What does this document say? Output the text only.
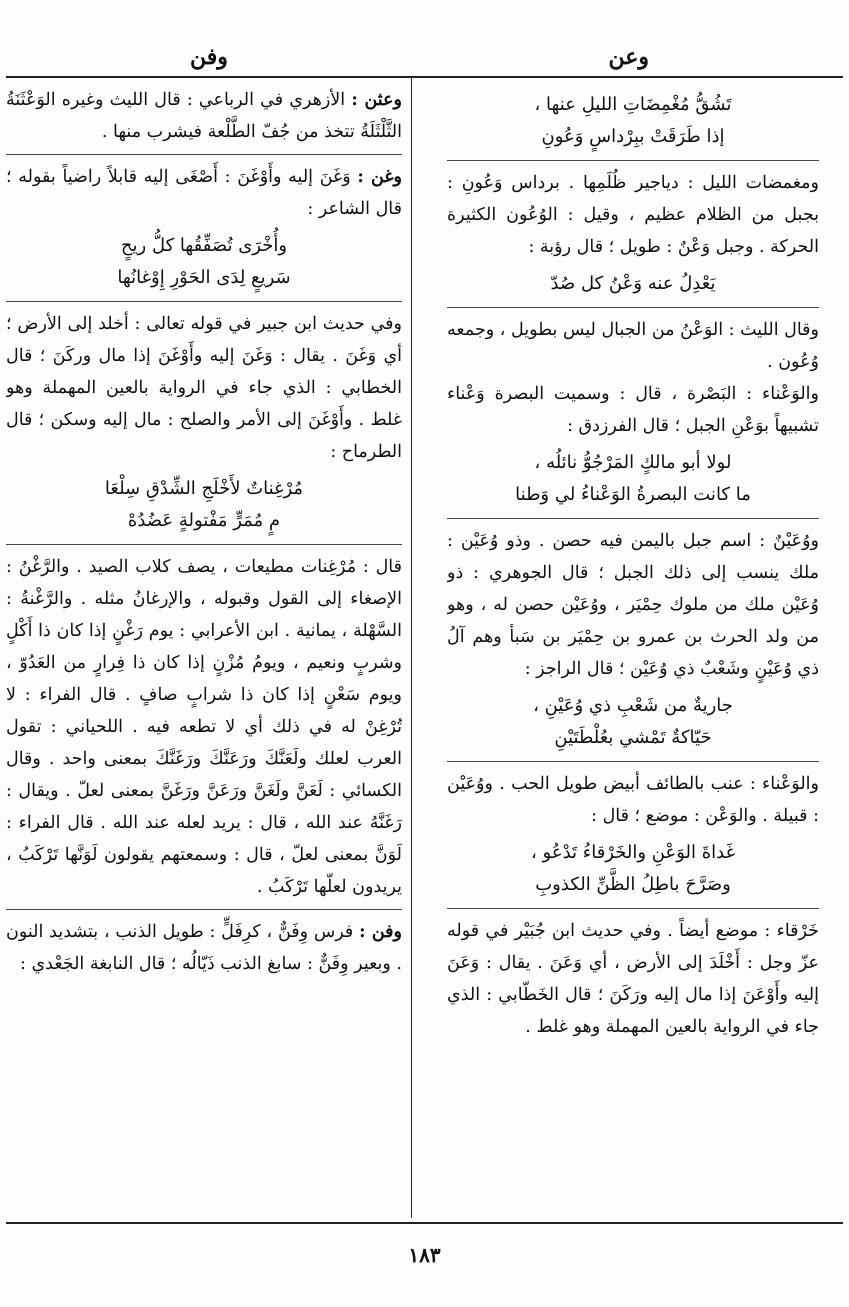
وعن
وفن
تَشُقُّ مُغْمِضَاتِ الليلِ عنها ،
إذا طَرَقَتْ ببِرْداسٍ وَعُونِ

ومغمضات الليل : دياجير ظُلَمِها . برداس وَعُونِ : بجبل من الظلام عظيم ، وقيل : الوُعُون الكثيرة الحركة . وجبل وَعْنٌ : طويل ؛ قال رؤبة :

يَعْدِلُ عنه وَعْنُ كل صُدّ

وقال الليث : الوَعْنُ من الجبال ليس بطويل ، وجمعه وُعُون .

والوَعْناء : البَصْرة ، قال : وسميت البصرة وَعْناء تشبيهاً بوَعْنِ الجبل ؛ قال الفرزدق :

لولا أبو مالكٍ المَرْجُوُّ نائلُه ،
ما كانت البصرةُ الوَعْناءُ لي وَطنا

ووُعَيْنٌ : اسم جبل باليمن فيه حصن . وذو وُعَيْن : ملك ينسب إلى ذلك الجبل ؛ قال الجوهري : ذو وُعَيْن ملك من ملوك حِمْيَر ، ووُعَيْن حصن له ، وهو من ولد الحرث بن عمرو بن حِمْيَر بن سَبأ وهم آلُ ذي وُعَيْنٍ وشَعْبٌ ذي وُعَيْن ؛ قال الراجز :

جاريةٌ من شَعْبِ ذي وُعَيْنِ ،
حَيّاكةٌ تَمْشي بعُلْطَتَيْنِ

والوَعْناء : عنب بالطائف أبيض طويل الحب . ووُعَيْن : قبيلة . والوَعْن : موضع ؛ قال :

غَداةَ الوَعْنِ والخَرْقاءُ تَدْعُو ،
وصَرَّحَ باطِلُ الظَّنِّ الكذوبِ

خَرْقاء : موضع أيضاً . وفي حديث ابن جُبَيْر في قوله عزّ وجل : أَخْلَدَ إلى الأرض ، أي وَعَنَ . يقال : وَعَنَ إليه وأَوْعَنَ إذا مال إليه ورَكَنَ ؛ قال الخَطّابي : الذي جاء في الرواية بالعين المهملة وهو غلط .

وعثن : الأزهري في الرباعي : قال الليث وغيره الوَعْثَنَةُ الثَّلْثَلَةُ تتخذ من جُفّ الطَّلْعة فيشرب منها .

وغن : وَغَنَ إليه وأَوْغَنَ : أَصْغَى إليه قابلاً راضياً بقوله ؛ قال الشاعر :

وأُخْرَى تُصَفِّقُها كلُّ ريحٍ
سَريعٍ لِدَى الحَوْرِ إِوْغانُها

وفي حديث ابن جبير في قوله تعالى : أخلد إلى الأرض ؛ أي وَغَنَ . يقال : وَغَنَ إليه وأَوْغَنَ إذا مال وركَنَ ؛ قال الخطابي : الذي جاء في الرواية بالعين المهملة وهو غلط . وأَوْغَنَ إلى الأمر والصلح : مال إليه وسكن ؛ قال الطرماح :

مُرْغِناتٌ لأَخْلَجِ الشِّدْقِ سِلْعَا
مٍ مُمَرٍّ مَفْتولةٍ عَضُدُهْ

قال : مُرْغِنات مطيعات ، يصف كلاب الصيد . والرَّغْنُ : الإصغاء إلى القول وقبوله ، والإرغانُ مثله . والرَّغْنةُ : السَّهْلة ، يمانية . ابن الأعرابي : يوم رَغْنٍ إذا كان ذا أَكْلٍ وشربٍ ونعيم ، ويومُ مُزْنٍ إذا كان ذا فِرارٍ من العَدُوّ ، ويوم سَعْنٍ إذا كان ذا شرابٍ صافٍ . قال الفراء : لا تُرْغِنْ له في ذلك أي لا تطعه فيه . اللحياني : تقول العرب لعلك ولَعَنَّكَ ورَعَنَّكَ ورَغَنَّكَ بمعنى واحد . وقال الكسائي : لَعَنَّ ولَغَنَّ ورَعَنَّ ورَغَنَّ بمعنى لعلّ . ويقال : رَغَنَّهُ عند الله ، قال : يريد لعله عند الله . قال الفراء : لَوَنَّ بمعنى لعلّ ، قال : وسمعتهم يقولون لَوَنَّها تَرْكَبُ ، يريدون لعلّها تَرْكَبُ .

وفن : فرس وِفَنٌّ ، كرِفَلٍّ : طويل الذنب ، بتشديد النون . وبعير وِفَنٌّ : سابغ الذنب ذَيّالُه ؛ قال النابغة الجَعْدي :

١٨٣
